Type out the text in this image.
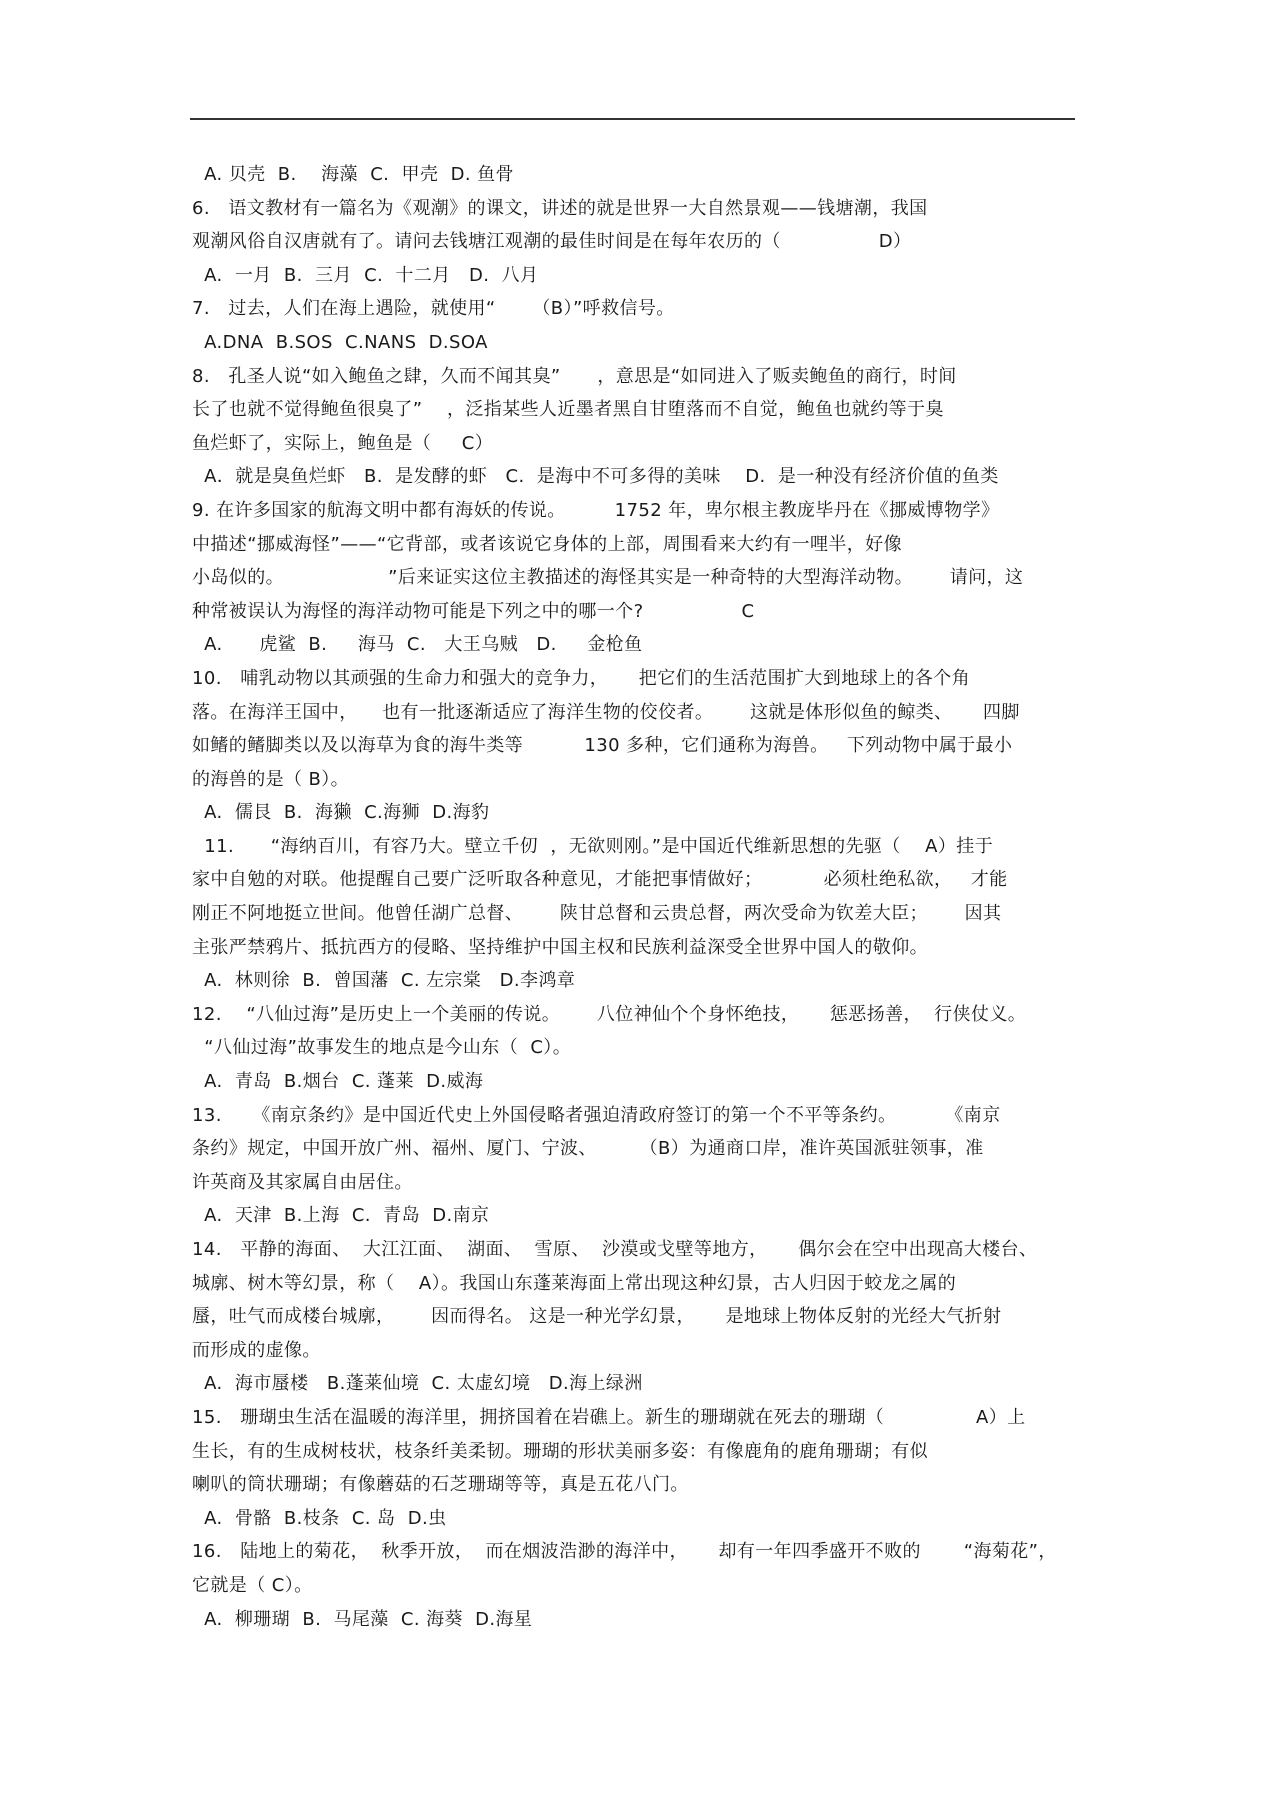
A. 贝壳  B.    海藻  C.  甲壳  D. 鱼骨
6.   语文教材有一篇名为《观潮》的课文，讲述的就是世界一大自然景观——钱塘潮，我国
观潮风俗自汉唐就有了。请问去钱塘江观潮的最佳时间是在每年农历的（                D）
A.  一月  B.  三月  C.  十二月   D.  八月
7.   过去，人们在海上遇险，就使用“      （B）”呼救信号。
A.DNA  B.SOS  C.NANS  D.SOA
8.   孔圣人说“如入鲍鱼之肆，久而不闻其臭”      ，意思是“如同进入了贩卖鲍鱼的商行，时间
长了也就不觉得鲍鱼很臭了”    ，泛指某些人近墨者黑自甘堕落而不自觉，鲍鱼也就约等于臭
鱼烂虾了，实际上，鲍鱼是（     C）
A．就是臭鱼烂虾   B.  是发酵的虾   C.  是海中不可多得的美味    D.  是一种没有经济价值的鱼类
9. 在许多国家的航海文明中都有海妖的传说。        1752 年，卑尔根主教庞毕丹在《挪威博物学》
中描述“挪威海怪”——“它背部，或者该说它身体的上部，周围看来大约有一哩半，好像
小岛似的。                 ”后来证实这位主教描述的海怪其实是一种奇特的大型海洋动物。      请问，这
种常被误认为海怪的海洋动物可能是下列之中的哪一个?                C
A.      虎鲨  B.     海马  C.   大王乌贼   D.     金枪鱼
10.   哺乳动物以其顽强的生命力和强大的竞争力，     把它们的生活范围扩大到地球上的各个角
落。在海洋王国中，    也有一批逐渐适应了海洋生物的佼佼者。      这就是体形似鱼的鲸类、     四脚
如鳍的鳍脚类以及以海草为食的海牛类等          130 多种，它们通称为海兽。   下列动物中属于最小
的海兽的是（ B）。
A.  儒艮  B.  海獭  C.海狮  D.海豹
11.      “海纳百川，有容乃大。壁立千仞  ，无欲则刚。”是中国近代维新思想的先驱（    A）挂于
家中自勉的对联。他提醒自己要广泛听取各种意见，才能把事情做好；          必须杜绝私欲，   才能
刚正不阿地挺立世间。他曾任湖广总督、      陕甘总督和云贵总督，两次受命为钦差大臣；      因其
主张严禁鸦片、抵抗西方的侵略、坚持维护中国主权和民族利益深受全世界中国人的敬仰。
A.  林则徐  B.  曾国藩  C. 左宗棠   D.李鸿章
12.    “八仙过海”是历史上一个美丽的传说。      八位神仙个个身怀绝技，     惩恶扬善，  行侠仗义。
“八仙过海”故事发生的地点是今山东（  C）。
A.  青岛  B.烟台  C. 蓬莱  D.威海
13.     《南京条约》是中国近代史上外国侵略者强迫清政府签订的第一个不平等条约。        《南京
条约》规定，中国开放广州、福州、厦门、宁波、       （B）为通商口岸，准许英国派驻领事，准
许英商及其家属自由居住。
A.  天津  B.上海  C.  青岛  D.南京
14.   平静的海面、  大江江面、  湖面、  雪原、  沙漠或戈壁等地方，     偶尔会在空中出现高大楼台、
城廓、树木等幻景，称（    A）。我国山东蓬莱海面上常出现这种幻景，古人归因于蛟龙之属的
蜃，吐气而成楼台城廓，      因而得名。 这是一种光学幻景，     是地球上物体反射的光经大气折射
而形成的虚像。
A.  海市蜃楼   B.蓬莱仙境  C. 太虚幻境   D.海上绿洲
15.   珊瑚虫生活在温暖的海洋里，拥挤国着在岩礁上。新生的珊瑚就在死去的珊瑚（               A）上
生长，有的生成树枝状，枝条纤美柔韧。珊瑚的形状美丽多姿：有像鹿角的鹿角珊瑚；有似
喇叭的筒状珊瑚；有像蘑菇的石芝珊瑚等等，真是五花八门。
A.  骨骼  B.枝条  C. 岛  D.虫
16.   陆地上的菊花，  秋季开放，  而在烟波浩渺的海洋中，     却有一年四季盛开不败的       “海菊花”，
它就是（ C）。
A.  柳珊瑚  B.  马尾藻  C. 海葵  D.海星
